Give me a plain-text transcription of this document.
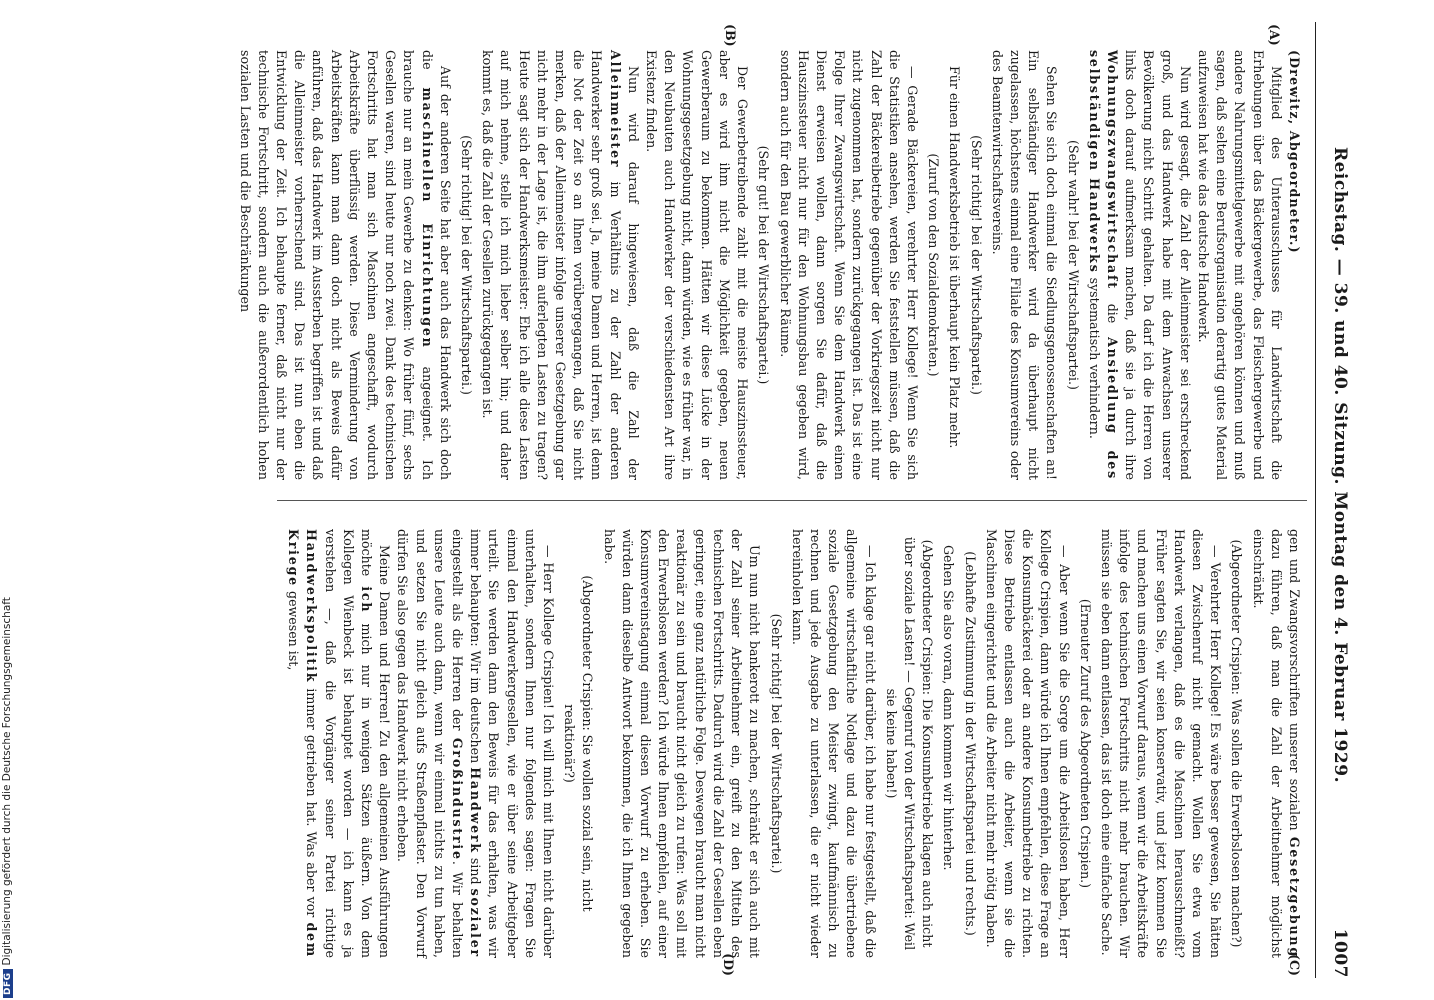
Reichstag. — 39. und 40. Sitzung. Montag den 4. Februar 1929.
1007
(A)
(B)

(Drewitz, Abgeordneter.)

Mitglied des Unterausschusses für Landwirtschaft die Erhebungen über das Bäckergewerbe, das Fleischergewerbe und andere Nahrungsmittelgewerbe mit angehören können und muß sagen, daß selten eine Berufsorganisation derartig gutes Material aufzuweisen hat wie das deutsche Handwerk.

Nun wird gesagt, die Zahl der Alleinmeister sei erschreckend groß, und das Handwerk habe mit dem Anwachsen unserer Bevölkerung nicht Schritt gehalten. Da darf ich die Herren von links doch darauf aufmerksam machen, daß sie ja durch ihre Wohnungszwangswirtschaft die Ansiedlung des selbständigen Handwerks systematisch verhindern.

(Sehr wahr! bei der Wirtschaftspartei.)

Sehen Sie sich doch einmal die Siedlungsgenossenschaften an! Ein selbständiger Handwerker wird da überhaupt nicht zugelassen, höchstens einmal eine Filiale des Konsumvereins oder des Beamtenwirtschaftsvereins.

(Sehr richtig! bei der Wirtschaftspartei.)

Für einen Handwerksbetrieb ist überhaupt kein Platz mehr.

(Zuruf von den Sozialdemokraten.)

— Gerade Bäckereien, verehrter Herr Kollege! Wenn Sie sich die Statistiken ansehen, werden Sie feststellen müssen, daß die Zahl der Bäckereibetriebe gegenüber der Vorkriegszeit nicht nur nicht zugenommen hat, sondern zurückgegangen ist. Das ist eine Folge Ihrer Zwangswirtschaft. Wenn Sie dem Handwerk einen Dienst erweisen wollen, dann sorgen Sie dafür, daß die Hauszinssteuer nicht nur für den Wohnungsbau gegeben wird, sondern auch für den Bau gewerblicher Räume.

(Sehr gut! bei der Wirtschaftspartei.)

Der Gewerbetreibende zahlt mit die meiste Hauszinssteuer, aber es wird ihm nicht die Möglichkeit gegeben, neuen Gewerberaum zu bekommen. Hätten wir diese Lücke in der Wohnungsgesetzgebung nicht, dann würden, wie es früher war, in den Neubauten auch Handwerker der verschiedensten Art ihre Existenz finden.

Nun wird darauf hingewiesen, daß die Zahl der Alleinmeister im Verhältnis zu der Zahl der anderen Handwerker sehr groß sei. Ja, meine Damen und Herren, ist denn die Not der Zeit so an Ihnen vorübergegangen, daß Sie nicht merken, daß der Alleinmeister infolge unserer Gesetzgebung gar nicht mehr in der Lage ist, die ihm auferlegten Lasten zu tragen? Heute sagt sich der Handwerksmeister: Ehe ich alle diese Lasten auf mich nehme, stelle ich mich lieber selber hin; und daher kommt es, daß die Zahl der Gesellen zurückgegangen ist.

(Sehr richtig! bei der Wirtschaftspartei.)

Auf der anderen Seite hat aber auch das Handwerk sich doch die maschinellen Einrichtungen angeeignet. Ich brauche nur an mein Gewerbe zu denken: Wo früher fünf, sechs Gesellen waren, sind heute nur noch zwei. Dank des technischen Fortschritts hat man sich Maschinen angeschafft, wodurch Arbeitskräfte überflüssig werden. Diese Verminderung von Arbeitskräften kann man dann doch nicht als Beweis dafür anführen, daß das Handwerk im Aussterben begriffen ist und daß die Alleinmeister vorherrschend sind. Das ist nun eben die Entwicklung der Zeit. Ich behaupte ferner, daß nicht nur der technische Fortschritt, sondern auch die außerordentlich hohen sozialen Lasten und die Beschränkungen

(C)
(D)

gen und Zwangsvorschriften unserer sozialen Gesetzgebung dazu führen, daß man die Zahl der Arbeitnehmer möglichst einschränkt.

(Abgeordneter Crispien: Was sollen die Erwerbslosen machen?)

— Verehrter Herr Kollege! Es wäre besser gewesen, Sie hätten diesen Zwischenruf nicht gemacht. Wollen Sie etwa vom Handwerk verlangen, daß es die Maschinen herausschmeißt? Früher sagten Sie, wir seien konservativ, und jetzt kommen Sie und machen uns einen Vorwurf daraus, wenn wir die Arbeitskräfte infolge des technischen Fortschritts nicht mehr brauchen. Wir müssen sie eben dann entlassen, das ist doch eine einfache Sache.

(Erneuter Zuruf des Abgeordneten Crispien.)

— Aber wenn Sie die Sorge um die Arbeitslosen haben, Herr Kollege Crispien, dann würde ich Ihnen empfehlen, diese Frage an die Konsumbäckerei oder an andere Konsumbetriebe zu richten. Diese Betriebe entlassen auch die Arbeiter, wenn sie die Maschinen eingerichtet und die Arbeiter nicht mehr nötig haben.

(Lebhafte Zustimmung in der Wirtschaftspartei und rechts.)

Gehen Sie also voran, dann kommen wir hinterher.

(Abgeordneter Crispien: Die Konsumbetriebe klagen auch nicht über soziale Lasten! — Gegenruf von der Wirtschaftspartei: Weil sie keine haben!)

— Ich klage gar nicht darüber, ich habe nur festgestellt, daß die allgemeine wirtschaftliche Notlage und dazu die übertriebene soziale Gesetzgebung den Meister zwingt, kaufmännisch zu rechnen und jede Ausgabe zu unterlassen, die er nicht wieder hereinholen kann.

(Sehr richtig! bei der Wirtschaftspartei.)

Um nun nicht bankerott zu machen, schränkt er sich auch mit der Zahl seiner Arbeitnehmer ein, greift zu den Mitteln des technischen Fortschritts. Dadurch wird die Zahl der Gesellen eben geringer, eine ganz natürliche Folge. Deswegen braucht man nicht reaktionär zu sein und braucht nicht gleich zu rufen: Was soll mit den Erwerbslosen werden? Ich würde Ihnen empfehlen, auf einer Konsumvereinstagung einmal diesen Vorwurf zu erheben. Sie würden dann dieselbe Antwort bekommen, die ich Ihnen gegeben habe.

(Abgeordneter Crispien: Sie wollen sozial sein, nicht reaktionär?)

— Herr Kollege Crispien! Ich will mich mit Ihnen nicht darüber unterhalten, sondern Ihnen nur folgendes sagen: Fragen Sie einmal den Handwerkergesellen, wie er über seine Arbeitgeber urteilt. Sie werden dann den Beweis für das erhalten, was wir immer behaupten: Wir im deutschen Handwerk sind sozialer eingestellt als die Herren der Großindustrie. Wir behalten unsere Leute auch dann, wenn wir einmal nichts zu tun haben, und setzen Sie nicht gleich aufs Straßenpflaster. Den Vorwurf dürfen Sie also gegen das Handwerk nicht erheben.

Meine Damen und Herren! Zu den allgemeinen Ausführungen möchte ich mich nur in wenigen Sätzen äußern. Von dem Kollegen Wienbeck ist behauptet worden — ich kann es ja verstehen —, daß die Vorgänger seiner Partei richtige Handwerkspolitik immer getrieben hat. Was aber vor dem Kriege gewesen ist,

DFGDigitalisierung gefördert durch die Deutsche Forschungsgemeinschaft
